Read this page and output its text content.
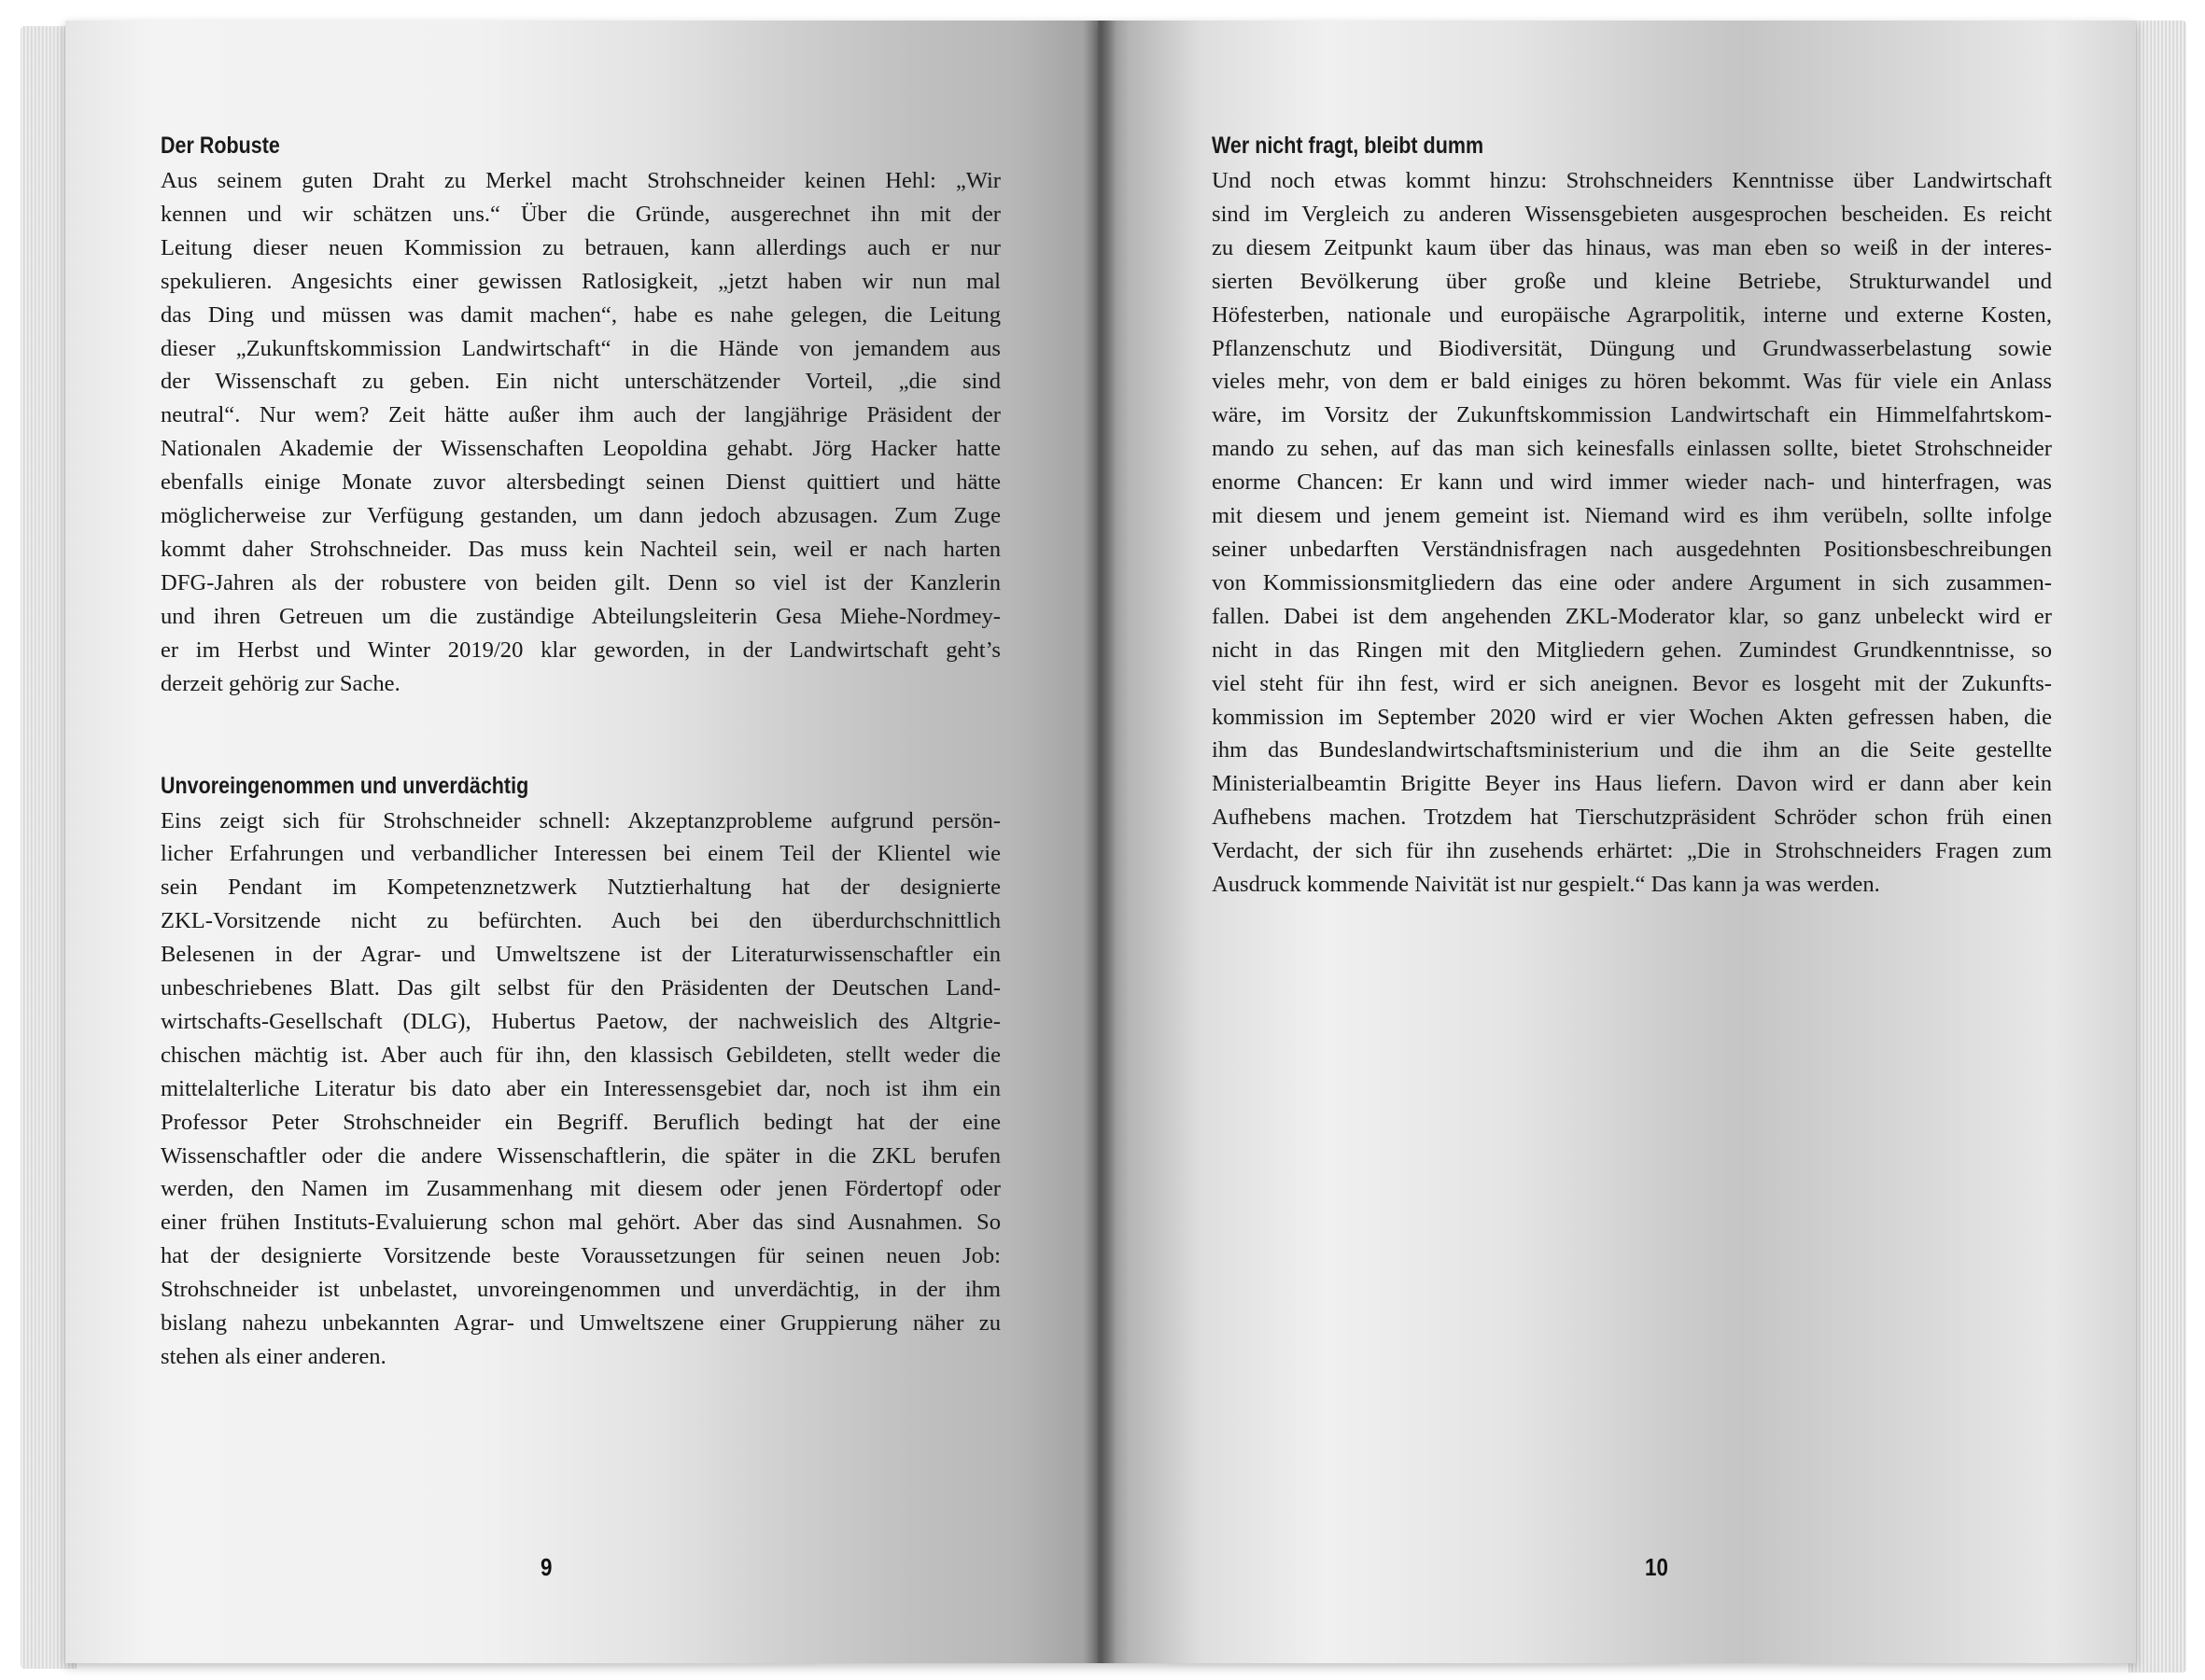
Der Robuste

Aus seinem guten Draht zu Merkel macht Strohschneider keinen Hehl: „Wir
kennen und wir schätzen uns.“ Über die Gründe, ausgerechnet ihn mit der
Leitung dieser neuen Kommission zu betrauen, kann allerdings auch er nur
spekulieren. Angesichts einer gewissen Ratlosigkeit, „jetzt haben wir nun mal
das Ding und müssen was damit machen“, habe es nahe gelegen, die Leitung
dieser „Zukunftskommission Landwirtschaft“ in die Hände von jemandem aus
der Wissenschaft zu geben. Ein nicht unterschätzender Vorteil, „die sind
neutral“. Nur wem? Zeit hätte außer ihm auch der langjährige Präsident der
Nationalen Akademie der Wissenschaften Leopoldina gehabt. Jörg Hacker hatte
ebenfalls einige Monate zuvor altersbedingt seinen Dienst quittiert und hätte
möglicherweise zur Verfügung gestanden, um dann jedoch abzusagen. Zum Zuge
kommt daher Strohschneider. Das muss kein Nachteil sein, weil er nach harten
DFG-Jahren als der robustere von beiden gilt. Denn so viel ist der Kanzlerin
und ihren Getreuen um die zuständige Abteilungsleiterin Gesa Miehe-Nordmey-
er im Herbst und Winter 2019/20 klar geworden, in der Landwirtschaft geht’s
derzeit gehörig zur Sache.

Unvoreingenommen und unverdächtig

Eins zeigt sich für Strohschneider schnell: Akzeptanzprobleme aufgrund persön-
licher Erfahrungen und verbandlicher Interessen bei einem Teil der Klientel wie
sein Pendant im Kompetenznetzwerk Nutztierhaltung hat der designierte
ZKL-Vorsitzende nicht zu befürchten. Auch bei den überdurchschnittlich
Belesenen in der Agrar- und Umweltszene ist der Literaturwissenschaftler ein
unbeschriebenes Blatt. Das gilt selbst für den Präsidenten der Deutschen Land-
wirtschafts-Gesellschaft (DLG), Hubertus Paetow, der nachweislich des Altgrie-
chischen mächtig ist. Aber auch für ihn, den klassisch Gebildeten, stellt weder die
mittelalterliche Literatur bis dato aber ein Interessensgebiet dar, noch ist ihm ein
Professor Peter Strohschneider ein Begriff. Beruflich bedingt hat der eine
Wissenschaftler oder die andere Wissenschaftlerin, die später in die ZKL berufen
werden, den Namen im Zusammenhang mit diesem oder jenen Fördertopf oder
einer frühen Instituts-Evaluierung schon mal gehört. Aber das sind Ausnahmen. So
hat der designierte Vorsitzende beste Voraussetzungen für seinen neuen Job:
Strohschneider ist unbelastet, unvoreingenommen und unverdächtig, in der ihm
bislang nahezu unbekannten Agrar- und Umweltszene einer Gruppierung näher zu
stehen als einer anderen.

Wer nicht fragt, bleibt dumm

Und noch etwas kommt hinzu: Strohschneiders Kenntnisse über Landwirtschaft
sind im Vergleich zu anderen Wissensgebieten ausgesprochen bescheiden. Es reicht
zu diesem Zeitpunkt kaum über das hinaus, was man eben so weiß in der interes-
sierten Bevölkerung über große und kleine Betriebe, Strukturwandel und
Höfesterben, nationale und europäische Agrarpolitik, interne und externe Kosten,
Pflanzenschutz und Biodiversität, Düngung und Grundwasserbelastung sowie
vieles mehr, von dem er bald einiges zu hören bekommt. Was für viele ein Anlass
wäre, im Vorsitz der Zukunftskommission Landwirtschaft ein Himmelfahrtskom-
mando zu sehen, auf das man sich keinesfalls einlassen sollte, bietet Strohschneider
enorme Chancen: Er kann und wird immer wieder nach- und hinterfragen, was
mit diesem und jenem gemeint ist. Niemand wird es ihm verübeln, sollte infolge
seiner unbedarften Verständnisfragen nach ausgedehnten Positionsbeschreibungen
von Kommissionsmitgliedern das eine oder andere Argument in sich zusammen-
fallen. Dabei ist dem angehenden ZKL-Moderator klar, so ganz unbeleckt wird er
nicht in das Ringen mit den Mitgliedern gehen. Zumindest Grundkenntnisse, so
viel steht für ihn fest, wird er sich aneignen. Bevor es losgeht mit der Zukunfts-
kommission im September 2020 wird er vier Wochen Akten gefressen haben, die
ihm das Bundeslandwirtschaftsministerium und die ihm an die Seite gestellte
Ministerialbeamtin Brigitte Beyer ins Haus liefern. Davon wird er dann aber kein
Aufhebens machen. Trotzdem hat Tierschutzpräsident Schröder schon früh einen
Verdacht, der sich für ihn zusehends erhärtet: „Die in Strohschneiders Fragen zum
Ausdruck kommende Naivität ist nur gespielt.“ Das kann ja was werden.

9	10
